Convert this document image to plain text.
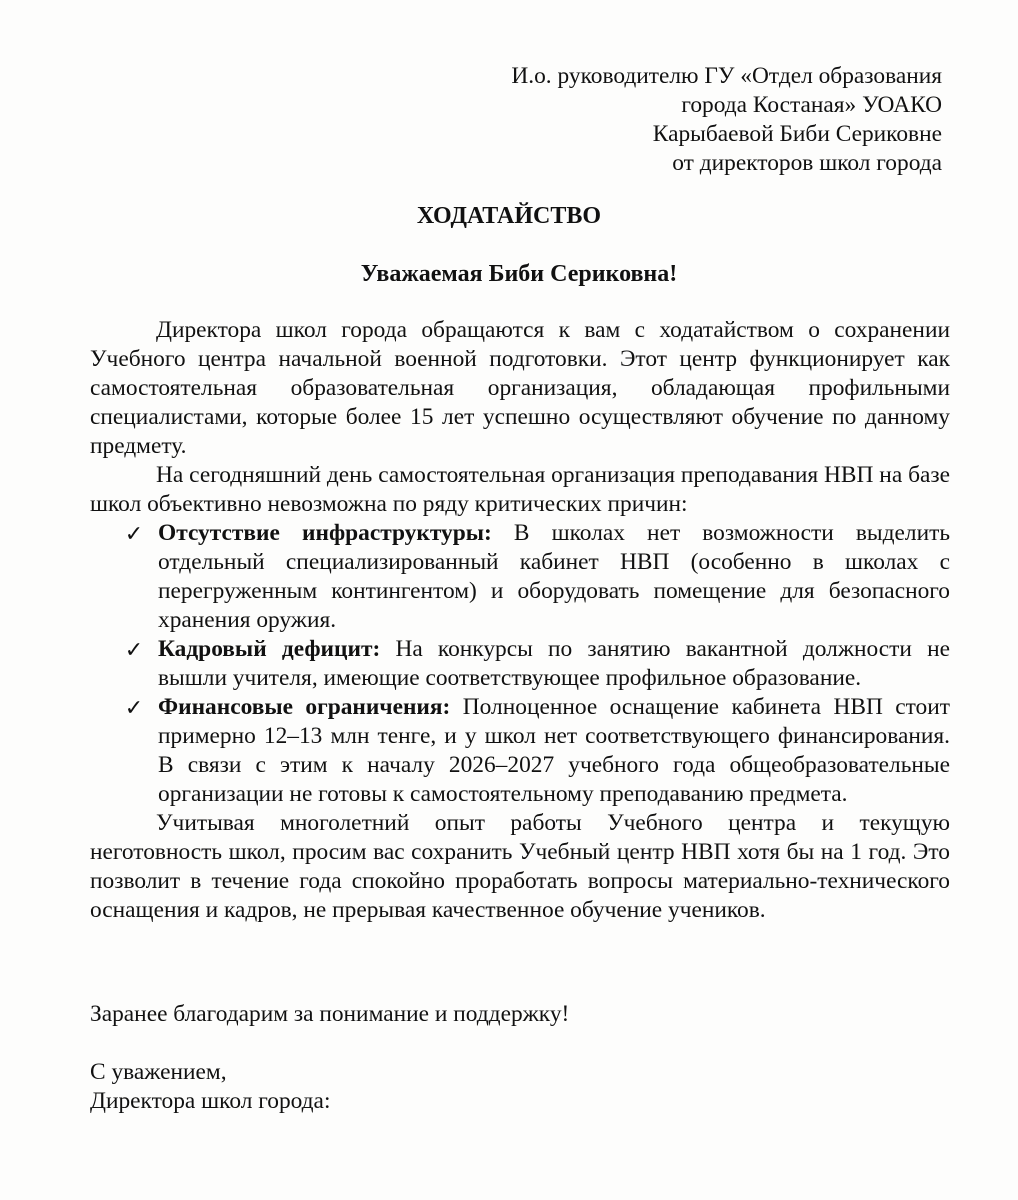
И.о. руководителю ГУ «Отдел образования
города Костаная» УОАКО
Карыбаевой Биби Сериковне
от директоров школ города
ХОДАТАЙСТВО
Уважаемая Биби Сериковна!

Директора школ города обращаются к вам с ходатайством о сохранении Учебного центра начальной военной подготовки. Этот центр функционирует как самостоятельная образовательная организация, обладающая профильными специалистами, которые более 15 лет успешно осуществляют обучение по данному предмету.

На сегодняшний день самостоятельная организация преподавания НВП на базе школ объективно невозможна по ряду критических причин:

✓ Отсутствие инфраструктуры: В школах нет возможности выделить отдельный специализированный кабинет НВП (особенно в школах с перегруженным контингентом) и оборудовать помещение для безопасного хранения оружия.
✓ Кадровый дефицит: На конкурсы по занятию вакантной должности не вышли учителя, имеющие соответствующее профильное образование.
✓ Финансовые ограничения: Полноценное оснащение кабинета НВП стоит примерно 12–13 млн тенге, и у школ нет соответствующего финансирования. В связи с этим к началу 2026–2027 учебного года общеобразовательные организации не готовы к самостоятельному преподаванию предмета.

Учитывая многолетний опыт работы Учебного центра и текущую неготовность школ, просим вас сохранить Учебный центр НВП хотя бы на 1 год. Это позволит в течение года спокойно проработать вопросы материально-технического оснащения и кадров, не прерывая качественное обучение учеников.

Заранее благодарим за понимание и поддержку!
С уважением,
Директора школ города:
